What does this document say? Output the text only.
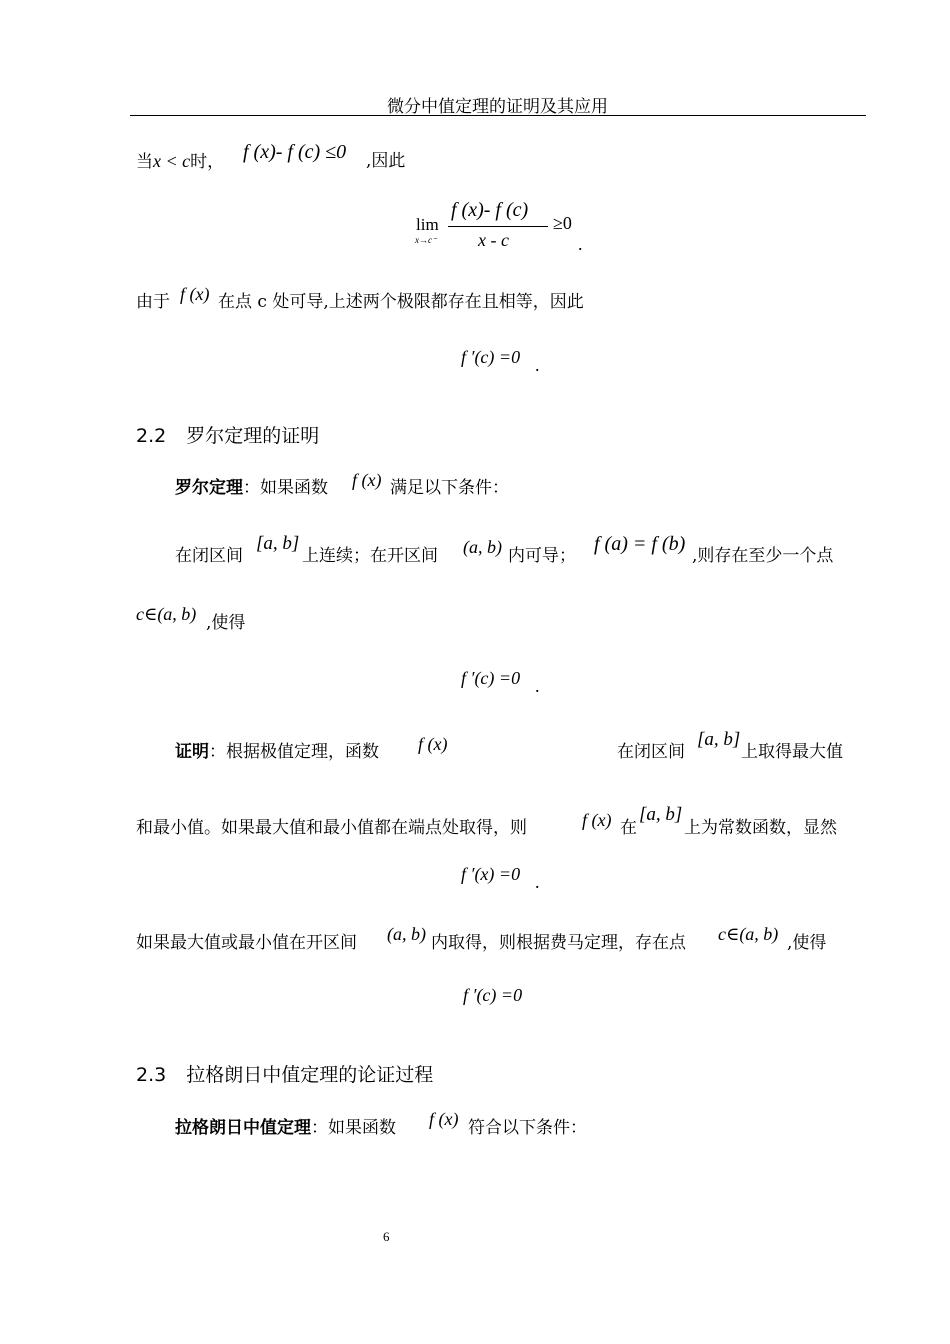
微分中值定理的证明及其应用
当x < c时， f (x)- f (c) ≤0 ,因此
lim
x→c⁻
f (x)- f (c)
x - c
≥0
.
由于 f (x) 在点 c 处可导,上述两个极限都存在且相等，因此
f ′(c) =0 .
2.2 罗尔定理的证明
罗尔定理：如果函数 f (x) 满足以下条件：
在闭区间
[a, b]
上连续；在开区间 (a, b) 内可导；
f (a) = f (b)
,则存在至少一个点
c∈(a, b) ,使得
f ′(c) =0 .
证明：根据极值定理，函数 f (x)	在闭区间
[a, b]
上取得最大值
和最小值。如果最大值和最小值都在端点处取得，则	f (x) 在
[a, b]
上为常数函数，显然
f ′(x) =0 .
如果最大值或最小值在开区间 (a, b) 内取得，则根据费马定理，存在点 c∈(a, b) ,使得
f ′(c) =0
2.3 拉格朗日中值定理的论证过程
拉格朗日中值定理：如果函数 f (x) 符合以下条件：
6
